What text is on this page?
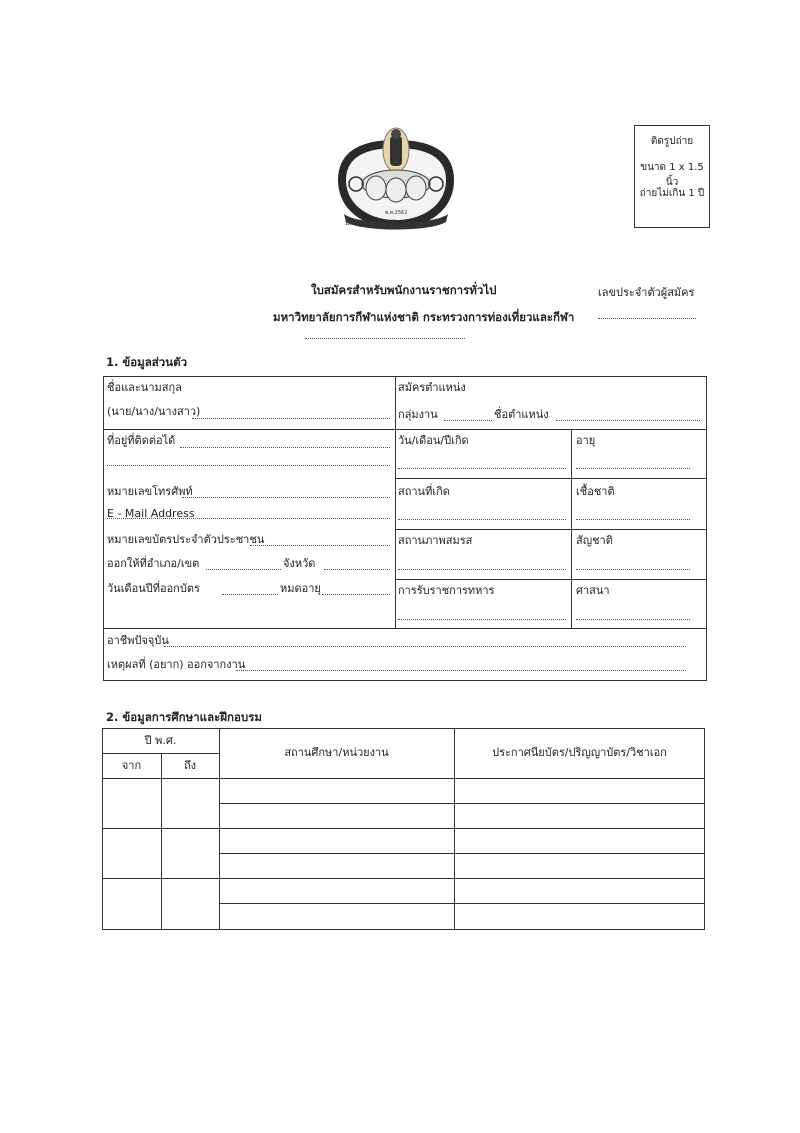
ติดรูปถ่าย
ขนาด 1 x 1.5 นิ้ว
ถ่ายไม่เกิน 1 ปี
มหาวิทยาลัยการกีฬาแห่งชาติ
พ.ศ.2562
ใบสมัครสำหรับพนักงานราชการทั่วไป
มหาวิทยาลัยการกีฬาแห่งชาติ กระทรวงการท่องเที่ยวและกีฬา
เลขประจำตัวผู้สมัคร
1. ข้อมูลส่วนตัว
ชื่อและนามสกุล
(นาย/นาง/นางสาว)
ที่อยู่ที่ติดต่อได้
หมายเลขโทรศัพท์
E - Mail Address
หมายเลขบัตรประจำตัวประชาชน
ออกให้ที่อำเภอ/เขต	จังหวัด
วันเดือนปีที่ออกบัตร	หมดอายุ
สมัครตำแหน่ง
กลุ่มงาน	ชื่อตำแหน่ง
วัน/เดือน/ปีเกิด	อายุ
สถานที่เกิด	เชื้อชาติ
สถานภาพสมรส	สัญชาติ
การรับราชการทหาร	ศาสนา
อาชีพปัจจุบัน
เหตุผลที่ (อยาก) ออกจากงาน
2. ข้อมูลการศึกษาและฝึกอบรม
ปี พ.ศ.
จาก	ถึง
สถานศึกษา/หน่วยงาน	ประกาศนียบัตร/ปริญญาบัตร/วิชาเอก
